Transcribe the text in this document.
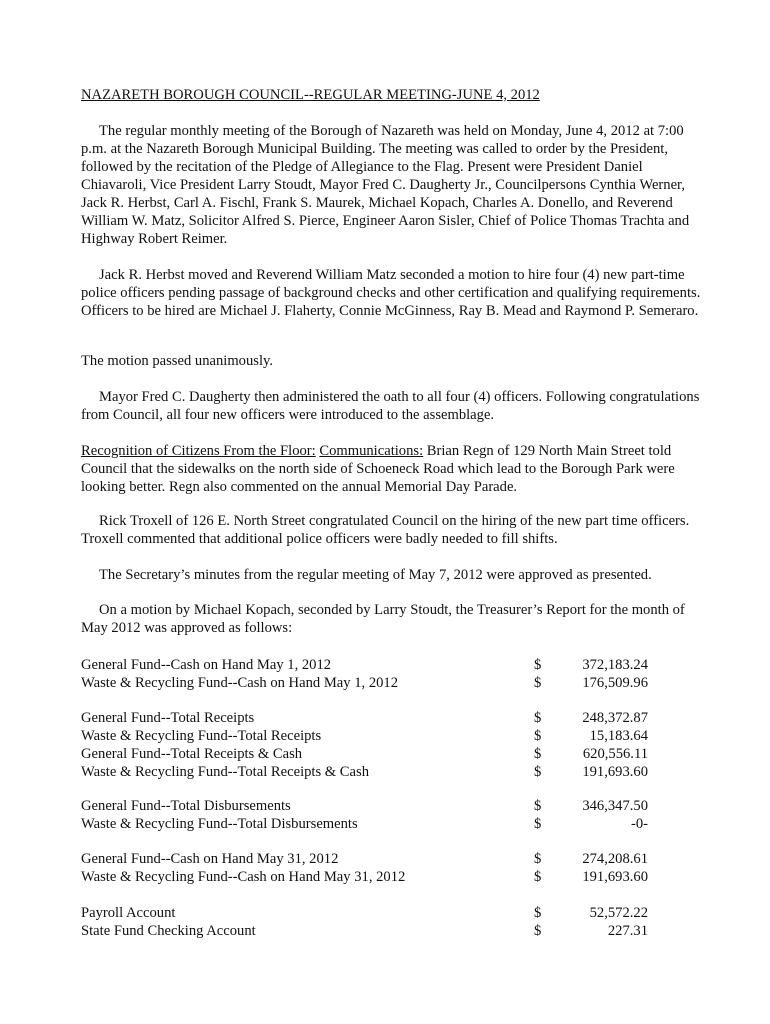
NAZARETH BOROUGH COUNCIL--REGULAR MEETING-JUNE 4, 2012

The regular monthly meeting of the Borough of Nazareth was held on Monday, June 4, 2012 at 7:00 p.m. at the Nazareth Borough Municipal Building. The meeting was called to order by the President, followed by the recitation of the Pledge of Allegiance to the Flag. Present were President Daniel Chiavaroli, Vice President Larry Stoudt, Mayor Fred C. Daugherty Jr., Councilpersons Cynthia Werner, Jack R. Herbst, Carl A. Fischl, Frank S. Maurek, Michael Kopach, Charles A. Donello, and Reverend William W. Matz, Solicitor Alfred S. Pierce, Engineer Aaron Sisler, Chief of Police Thomas Trachta and Highway Robert Reimer.

Jack R. Herbst moved and Reverend William Matz seconded a motion to hire four (4) new part-time police officers pending passage of background checks and other certification and qualifying requirements. Officers to be hired are Michael J. Flaherty, Connie McGinness, Ray B. Mead and Raymond P. Semeraro.

The motion passed unanimously.

Mayor Fred C. Daugherty then administered the oath to all four (4) officers. Following congratulations from Council, all four new officers were introduced to the assemblage.

Recognition of Citizens From the Floor: Communications: Brian Regn of 129 North Main Street told Council that the sidewalks on the north side of Schoeneck Road which lead to the Borough Park were looking better. Regn also commented on the annual Memorial Day Parade.

Rick Troxell of 126 E. North Street congratulated Council on the hiring of the new part time officers. Troxell commented that additional police officers were badly needed to fill shifts.

The Secretary’s minutes from the regular meeting of May 7, 2012 were approved as presented.

On a motion by Michael Kopach, seconded by Larry Stoudt, the Treasurer’s Report for the month of May 2012 was approved as follows:

General Fund--Cash on Hand May 1, 2012	$	372,183.24
Waste & Recycling Fund--Cash on Hand May 1, 2012	$	176,509.96
General Fund--Total Receipts	$	248,372.87
Waste & Recycling Fund--Total Receipts	$	15,183.64
General Fund--Total Receipts & Cash	$	620,556.11
Waste & Recycling Fund--Total Receipts & Cash	$	191,693.60
General Fund--Total Disbursements	$	346,347.50
Waste & Recycling Fund--Total Disbursements	$	-0-
General Fund--Cash on Hand May 31, 2012	$	274,208.61
Waste & Recycling Fund--Cash on Hand May 31, 2012	$	191,693.60
Payroll Account	$	52,572.22
State Fund Checking Account	$	227.31
